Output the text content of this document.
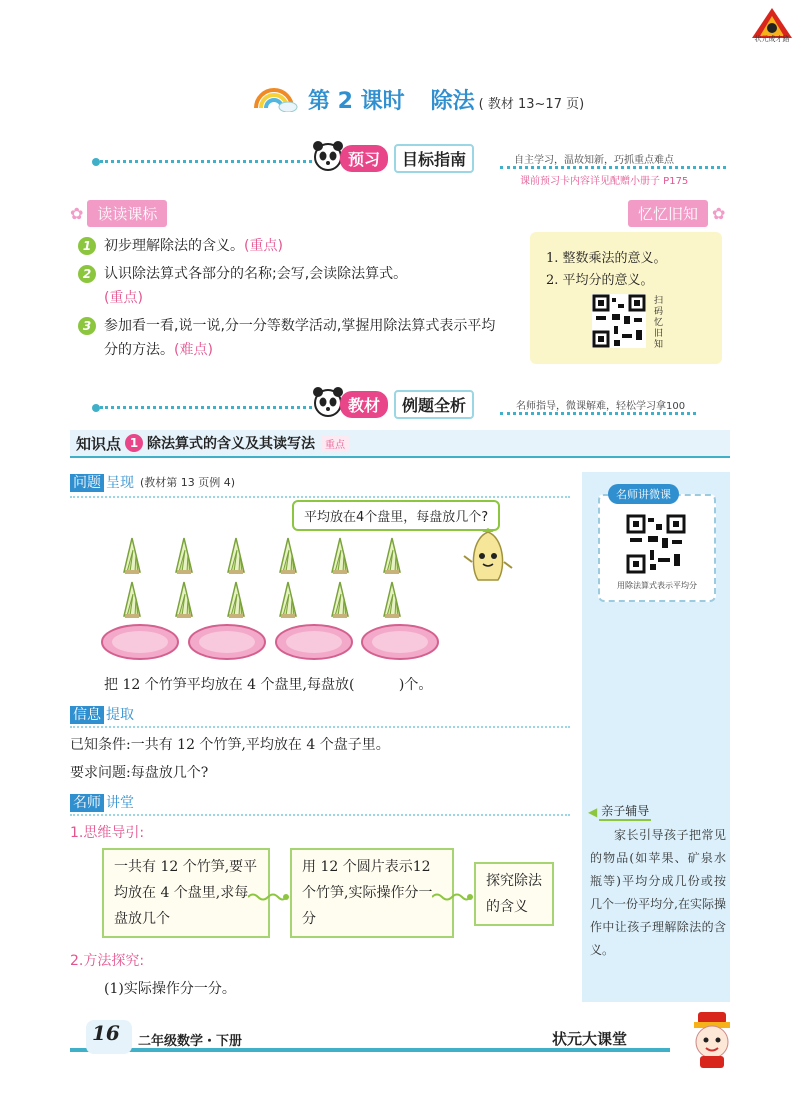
状元成才路
第 2 课时 除法 ( 教材 13~17 页)
预习	目标指南	自主学习，温故知新，巧抓重点难点
课前预习卡内容详见配赠小册子 P175
✿ 读读课标	忆忆旧知 ✿
1 初步理解除法的含义。(重点)
2 认识除法算式各部分的名称;会写,会读除法算式。
(重点)
3 参加看一看,说一说,分一分等数学活动,掌握用除法算式表示平均分的方法。(难点)
1. 整数乘法的意义。
2. 平均分的意义。
扫码忆旧知
教材	例题全析	名师指导，微课解难，轻松学习拿100
知识点 1 除法算式的含义及其读写法	重点
问题 呈现 (教材第 13 页例 4)
平均放在4个盘里，每盘放几个?
把 12 个竹笋平均放在 4 个盘里,每盘放(          )个。
信息 提取
已知条件:一共有 12 个竹笋,平均放在 4 个盘子里。
要求问题:每盘放几个?
名师 讲堂
1.思维导引:
一共有 12 个竹笋,要平均放在 4 个盘里,求每盘放几个
用 12 个圆片表示12 个竹笋,实际操作分一分
探究除法的含义
2.方法探究:
(1)实际操作分一分。
名师讲微课
用除法算式表示平均分
◀ 亲子辅导
家长引导孩子把常见的物品(如苹果、矿泉水瓶等)平均分成几份或按几个一份平均分,在实际操作中让孩子理解除法的含义。
16 二年级数学・下册	状元大课堂
